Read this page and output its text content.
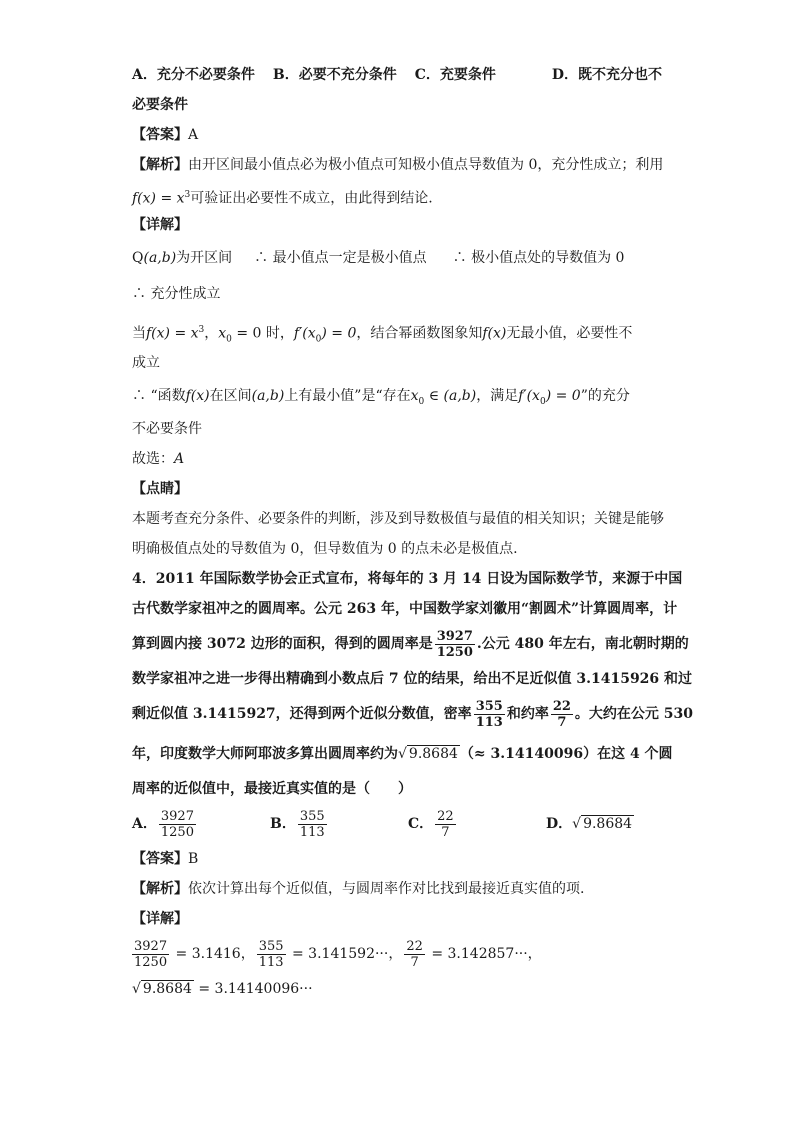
A．充分不必要条件 B．必要不充分条件 C．充要条件	D．既不充分也不
必要条件
【答案】A
【解析】由开区间最小值点必为极小值点可知极小值点导数值为 0，充分性成立；利用
$f(x) = x^3$可验证出必要性不成立，由此得到结论.
【详解】
Q(a,b)为开区间 ∴ 最小值点一定是极小值点 ∴ 极小值点处的导数值为 0
∴ 充分性成立
当$f(x) = x^3$，$x_0 = 0$ 时，$f'(x_0) = 0$，结合幂函数图象知f(x)无最小值，必要性不
成立
∴ “函数f(x)在区间(a,b)上有最小值”是“存在$x_0$ ∈ (a,b)，满足$f'(x_0) = 0$”的充分
不必要条件
故选：A
【点睛】
本题考查充分条件、必要条件的判断，涉及到导数极值与最值的相关知识；关键是能够
明确极值点处的导数值为 0，但导数值为 0 的点未必是极值点.
4．2011 年国际数学协会正式宣布，将每年的 3 月 14 日设为国际数学节，来源于中国
古代数学家祖冲之的圆周率。公元 263 年，中国数学家刘徽用“割圆术”计算圆周率，计
算到圆内接 3072 边形的面积，得到的圆周率是 $\frac{3927}{1250}$ .公元 480 年左右，南北朝时期的
数学家祖冲之进一步得出精确到小数点后 7 位的结果，给出不足近似值 3.1415926 和过
剩近似值 3.1415927，还得到两个近似分数值，密率 $\frac{355}{113}$ 和约率 $\frac{22}{7}$ 。大约在公元 530
年，印度数学大师阿耶波多算出圆周率约为√ 9.8684 （≈ 3.14140096）在这 4 个圆
周率的近似值中，最接近真实值的是（　　）
A． $\frac{3927}{1250}$	B． $\frac{355}{113}$	C． $\frac{22}{7}$	D．√ 9.8684
【答案】B
【解析】依次计算出每个近似值，与圆周率作对比找到最接近真实值的项.
【详解】
$\frac{3927}{1250} = 3.1416$， $\frac{355}{113} = 3.141592\cdot\cdot\cdot$， $\frac{22}{7} = 3.142857\cdot\cdot\cdot$，
√ 9.8684 = 3.14140096···
